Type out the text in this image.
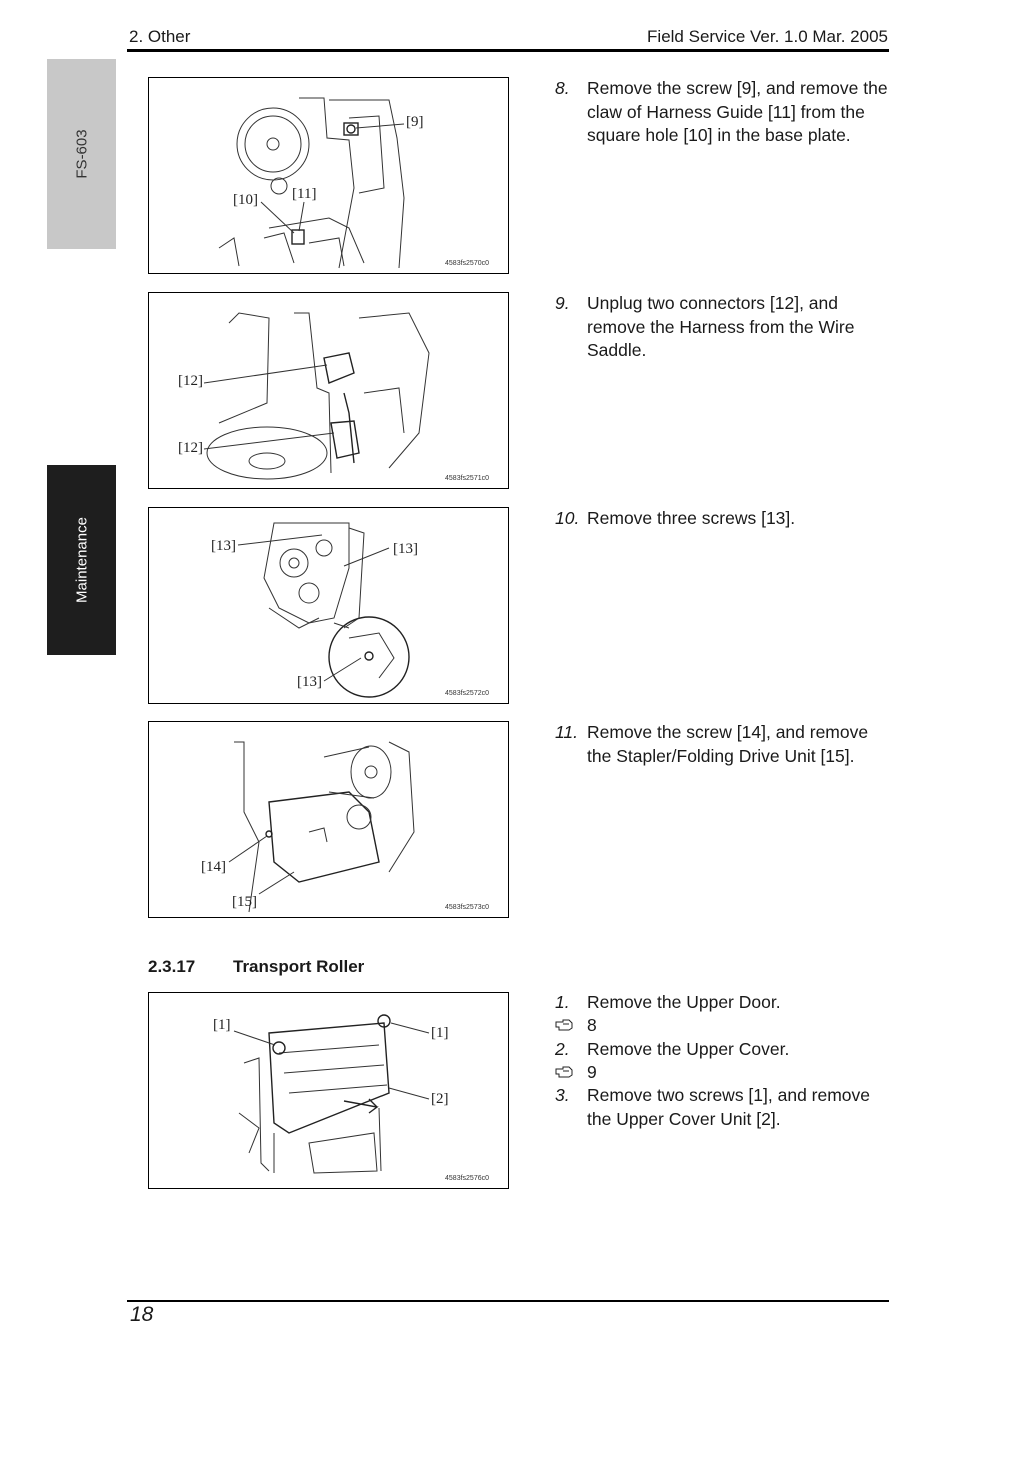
2. Other	Field Service Ver. 1.0 Mar. 2005
FS-603
Maintenance
[9]
[10] [11]
4583fs2570c0
[12]
[12]
4583fs2571c0
[13]	[13]
[13]
4583fs2572c0
[14]
[15]	4583fs2573c0
8. Remove the screw [9], and remove the claw of Harness Guide [11] from the square hole [10] in the base plate.
9. Unplug two connectors [12], and remove the Harness from the Wire Saddle.
10. Remove three screws [13].
11. Remove the screw [14], and remove the Stapler/Folding Drive Unit [15].
2.3.17 Transport Roller
[1]	[1]
[2]
4583fs2576c0
1. Remove the Upper Door.
8
2. Remove the Upper Cover.
9
3. Remove two screws [1], and remove the Upper Cover Unit [2].
18
